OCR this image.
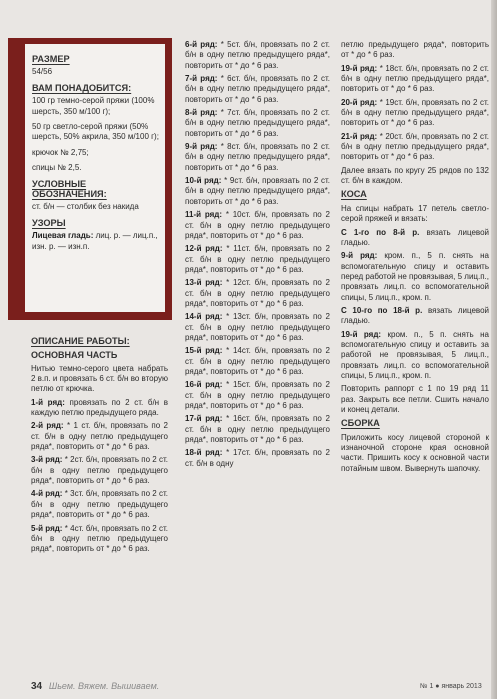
РАЗМЕР

54/56

ВАМ ПОНАДОБИТСЯ:

100 гр темно-серой пряжи (100% шерсть, 350 м/100 г);

50 гр светло-серой пряжи (50% шерсть, 50% акрила, 350 м/100 г);

крючок № 2,75;

спицы № 2,5.

УСЛОВНЫЕ ОБОЗНАЧЕНИЯ:

ст. б/н — столбик без накида

УЗОРЫ

Лицевая гладь: лиц. р. — лиц.п., изн. р. — изн.п.

ОПИСАНИЕ РАБОТЫ:
ОСНОВНАЯ ЧАСТЬ

Нитью темно-серого цвета набрать 2 в.п. и провязать 6 ст. б/н во вторую петлю от крючка.

1-й ряд: провязать по 2 ст. б/н в каждую петлю предыдущего ряда.

2-й ряд: * 1 ст. б/н, провязать по 2 ст. б/н в одну петлю предыдущего ряда*, повторить от * до * 6 раз.

3-й ряд: * 2ст. б/н, провязать по 2 ст. б/н в одну петлю предыдущего ряда*, повторить от * до * 6 раз.

4-й ряд: * 3ст. б/н, провязать по 2 ст. б/н в одну петлю предыдущего ряда*, повторить от * до * 6 раз.

5-й ряд: * 4ст. б/н, провязать по 2 ст. б/н в одну петлю предыдущего ряда*, повторить от * до * 6 раз.

6-й ряд: * 5ст. б/н, провязать по 2 ст. б/н в одну петлю предыдущего ряда*, повторить от * до * 6 раз.

7-й ряд: * 6ст. б/н, провязать по 2 ст. б/н в одну петлю предыдущего ряда*, повторить от * до * 6 раз.

8-й ряд: * 7ст. б/н, провязать по 2 ст. б/н в одну петлю предыдущего ряда*, повторить от * до * 6 раз.

9-й ряд: * 8ст. б/н, провязать по 2 ст. б/н в одну петлю предыдущего ряда*, повторить от * до * 6 раз.

10-й ряд: * 9ст. б/н, провязать по 2 ст. б/н в одну петлю предыдущего ряда*, повторить от * до * 6 раз.

11-й ряд: * 10ст. б/н, провязать по 2 ст. б/н в одну петлю предыдущего ряда*, повторить от * до * 6 раз.

12-й ряд: * 11ст. б/н, провязать по 2 ст. б/н в одну петлю предыдущего ряда*, повторить от * до * 6 раз.

13-й ряд: * 12ст. б/н, провязать по 2 ст. б/н в одну петлю предыдущего ряда*, повторить от * до * 6 раз.

14-й ряд: * 13ст. б/н, провязать по 2 ст. б/н в одну петлю предыдущего ряда*, повторить от * до * 6 раз.

15-й ряд: * 14ст. б/н, провязать по 2 ст. б/н в одну петлю предыдущего ряда*, повторить от * до * 6 раз.

16-й ряд: * 15ст. б/н, провязать по 2 ст. б/н в одну петлю предыдущего ряда*, повторить от * до * 6 раз.

17-й ряд: * 16ст. б/н, провязать по 2 ст. б/н в одну петлю предыдущего ряда*, повторить от * до * 6 раз.

18-й ряд: * 17ст. б/н, провязать по 2 ст. б/н в одну

петлю предыдущего ряда*, повторить от * до * 6 раз.

19-й ряд: * 18ст. б/н, провязать по 2 ст. б/н в одну петлю предыдущего ряда*, повторить от * до * 6 раз.

20-й ряд: * 19ст. б/н, провязать по 2 ст. б/н в одну петлю предыдущего ряда*, повторить от * до * 6 раз.

21-й ряд: * 20ст. б/н, провязать по 2 ст. б/н в одну петлю предыдущего ряда*, повторить от * до * 6 раз.

Далее вязать по кругу 25 рядов по 132 ст. б/н в каждом.

КОСА

На спицы набрать 17 петель светло-серой пряжей и вязать:

С 1-го по 8-й р. вязать лицевой гладью.

9-й ряд: кром. п., 5 п. снять на вспомогательную спицу и оставить перед работой не провязывая, 5 лиц.п., провязать лиц.п. со вспомогательной спицы, 5 лиц.п., кром. п.

С 10-го по 18-й р. вязать лицевой гладью.

19-й ряд: кром. п., 5 п. снять на вспомогательную спицу и оставить за работой не провязывая, 5 лиц.п., провязать лиц.п. со вспомогательной спицы, 5 лиц.п., кром. п.

Повторить раппорт с 1 по 19 ряд 11 раз. Закрыть все петли. Сшить начало и конец детали.

СБОРКА

Приложить косу лицевой стороной к изнаночной стороне края основной части. Пришить косу к основной части потайным швом. Вывернуть шапочку.

34 Шьем. Вяжем. Вышиваем.	№ 1 ● январь 2013
